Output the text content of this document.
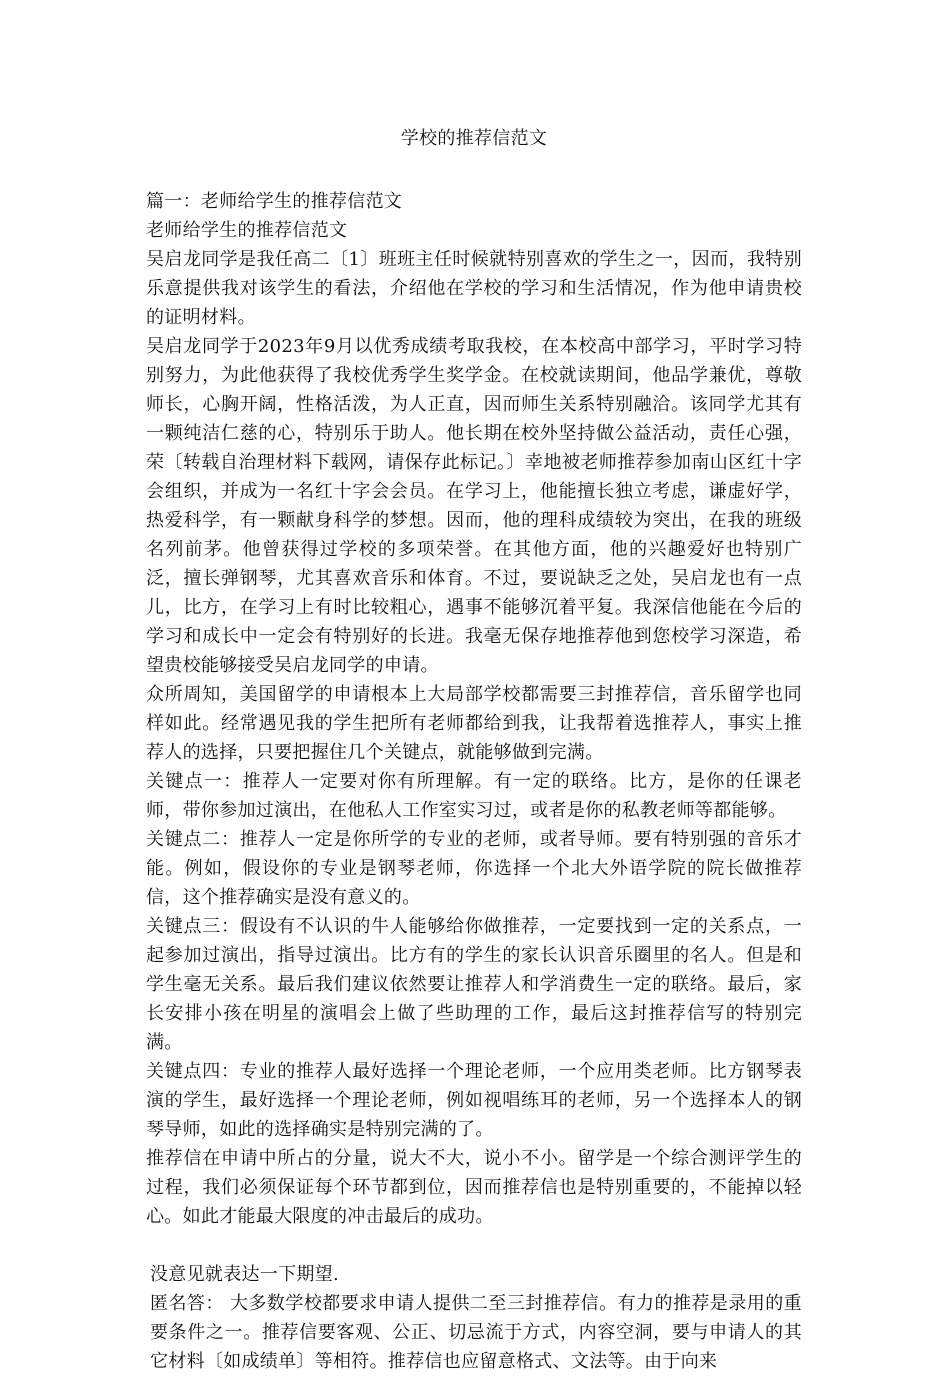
学校的推荐信范文

篇一：老师给学生的推荐信范文

老师给学生的推荐信范文

吴启龙同学是我任高二〔1〕班班主任时候就特别喜欢的学生之一，因而，我特别乐意提供我对该学生的看法，介绍他在学校的学习和生活情况，作为他申请贵校的证明材料。

吴启龙同学于2023年9月以优秀成绩考取我校，在本校高中部学习，平时学习特别努力，为此他获得了我校优秀学生奖学金。在校就读期间，他品学兼优，尊敬师长，心胸开阔，性格活泼，为人正直，因而师生关系特别融洽。该同学尤其有一颗纯洁仁慈的心，特别乐于助人。他长期在校外坚持做公益活动，责任心强，荣〔转载自治理材料下载网，请保存此标记。〕幸地被老师推荐参加南山区红十字会组织，并成为一名红十字会会员。在学习上，他能擅长独立考虑，谦虚好学，热爱科学，有一颗献身科学的梦想。因而，他的理科成绩较为突出，在我的班级名列前茅。他曾获得过学校的多项荣誉。在其他方面，他的兴趣爱好也特别广泛，擅长弹钢琴，尤其喜欢音乐和体育。不过，要说缺乏之处，吴启龙也有一点儿，比方，在学习上有时比较粗心，遇事不能够沉着平复。我深信他能在今后的学习和成长中一定会有特别好的长进。我毫无保存地推荐他到您校学习深造，希望贵校能够接受吴启龙同学的申请。

众所周知，美国留学的申请根本上大局部学校都需要三封推荐信，音乐留学也同样如此。经常遇见我的学生把所有老师都给到我，让我帮着选推荐人，事实上推荐人的选择，只要把握住几个关键点，就能够做到完满。

关键点一：推荐人一定要对你有所理解。有一定的联络。比方，是你的任课老师，带你参加过演出，在他私人工作室实习过，或者是你的私教老师等都能够。

关键点二：推荐人一定是你所学的专业的老师，或者导师。要有特别强的音乐才能。例如，假设你的专业是钢琴老师，你选择一个北大外语学院的院长做推荐信，这个推荐确实是没有意义的。

关键点三：假设有不认识的牛人能够给你做推荐，一定要找到一定的关系点，一起参加过演出，指导过演出。比方有的学生的家长认识音乐圈里的名人。但是和学生毫无关系。最后我们建议依然要让推荐人和学消费生一定的联络。最后，家长安排小孩在明星的演唱会上做了些助理的工作，最后这封推荐信写的特别完满。

关键点四：专业的推荐人最好选择一个理论老师，一个应用类老师。比方钢琴表演的学生，最好选择一个理论老师，例如视唱练耳的老师，另一个选择本人的钢琴导师，如此的选择确实是特别完满的了。

推荐信在申请中所占的分量，说大不大，说小不小。留学是一个综合测评学生的过程，我们必须保证每个环节都到位，因而推荐信也是特别重要的，不能掉以轻心。如此才能最大限度的冲击最后的成功。

没意见就表达一下期望.

匿名答： 大多数学校都要求申请人提供二至三封推荐信。有力的推荐是录用的重要条件之一。推荐信要客观、公正、切忌流于方式，内容空洞，要与申请人的其它材料〔如成绩单〕等相符。推荐信也应留意格式、文法等。由于向来
